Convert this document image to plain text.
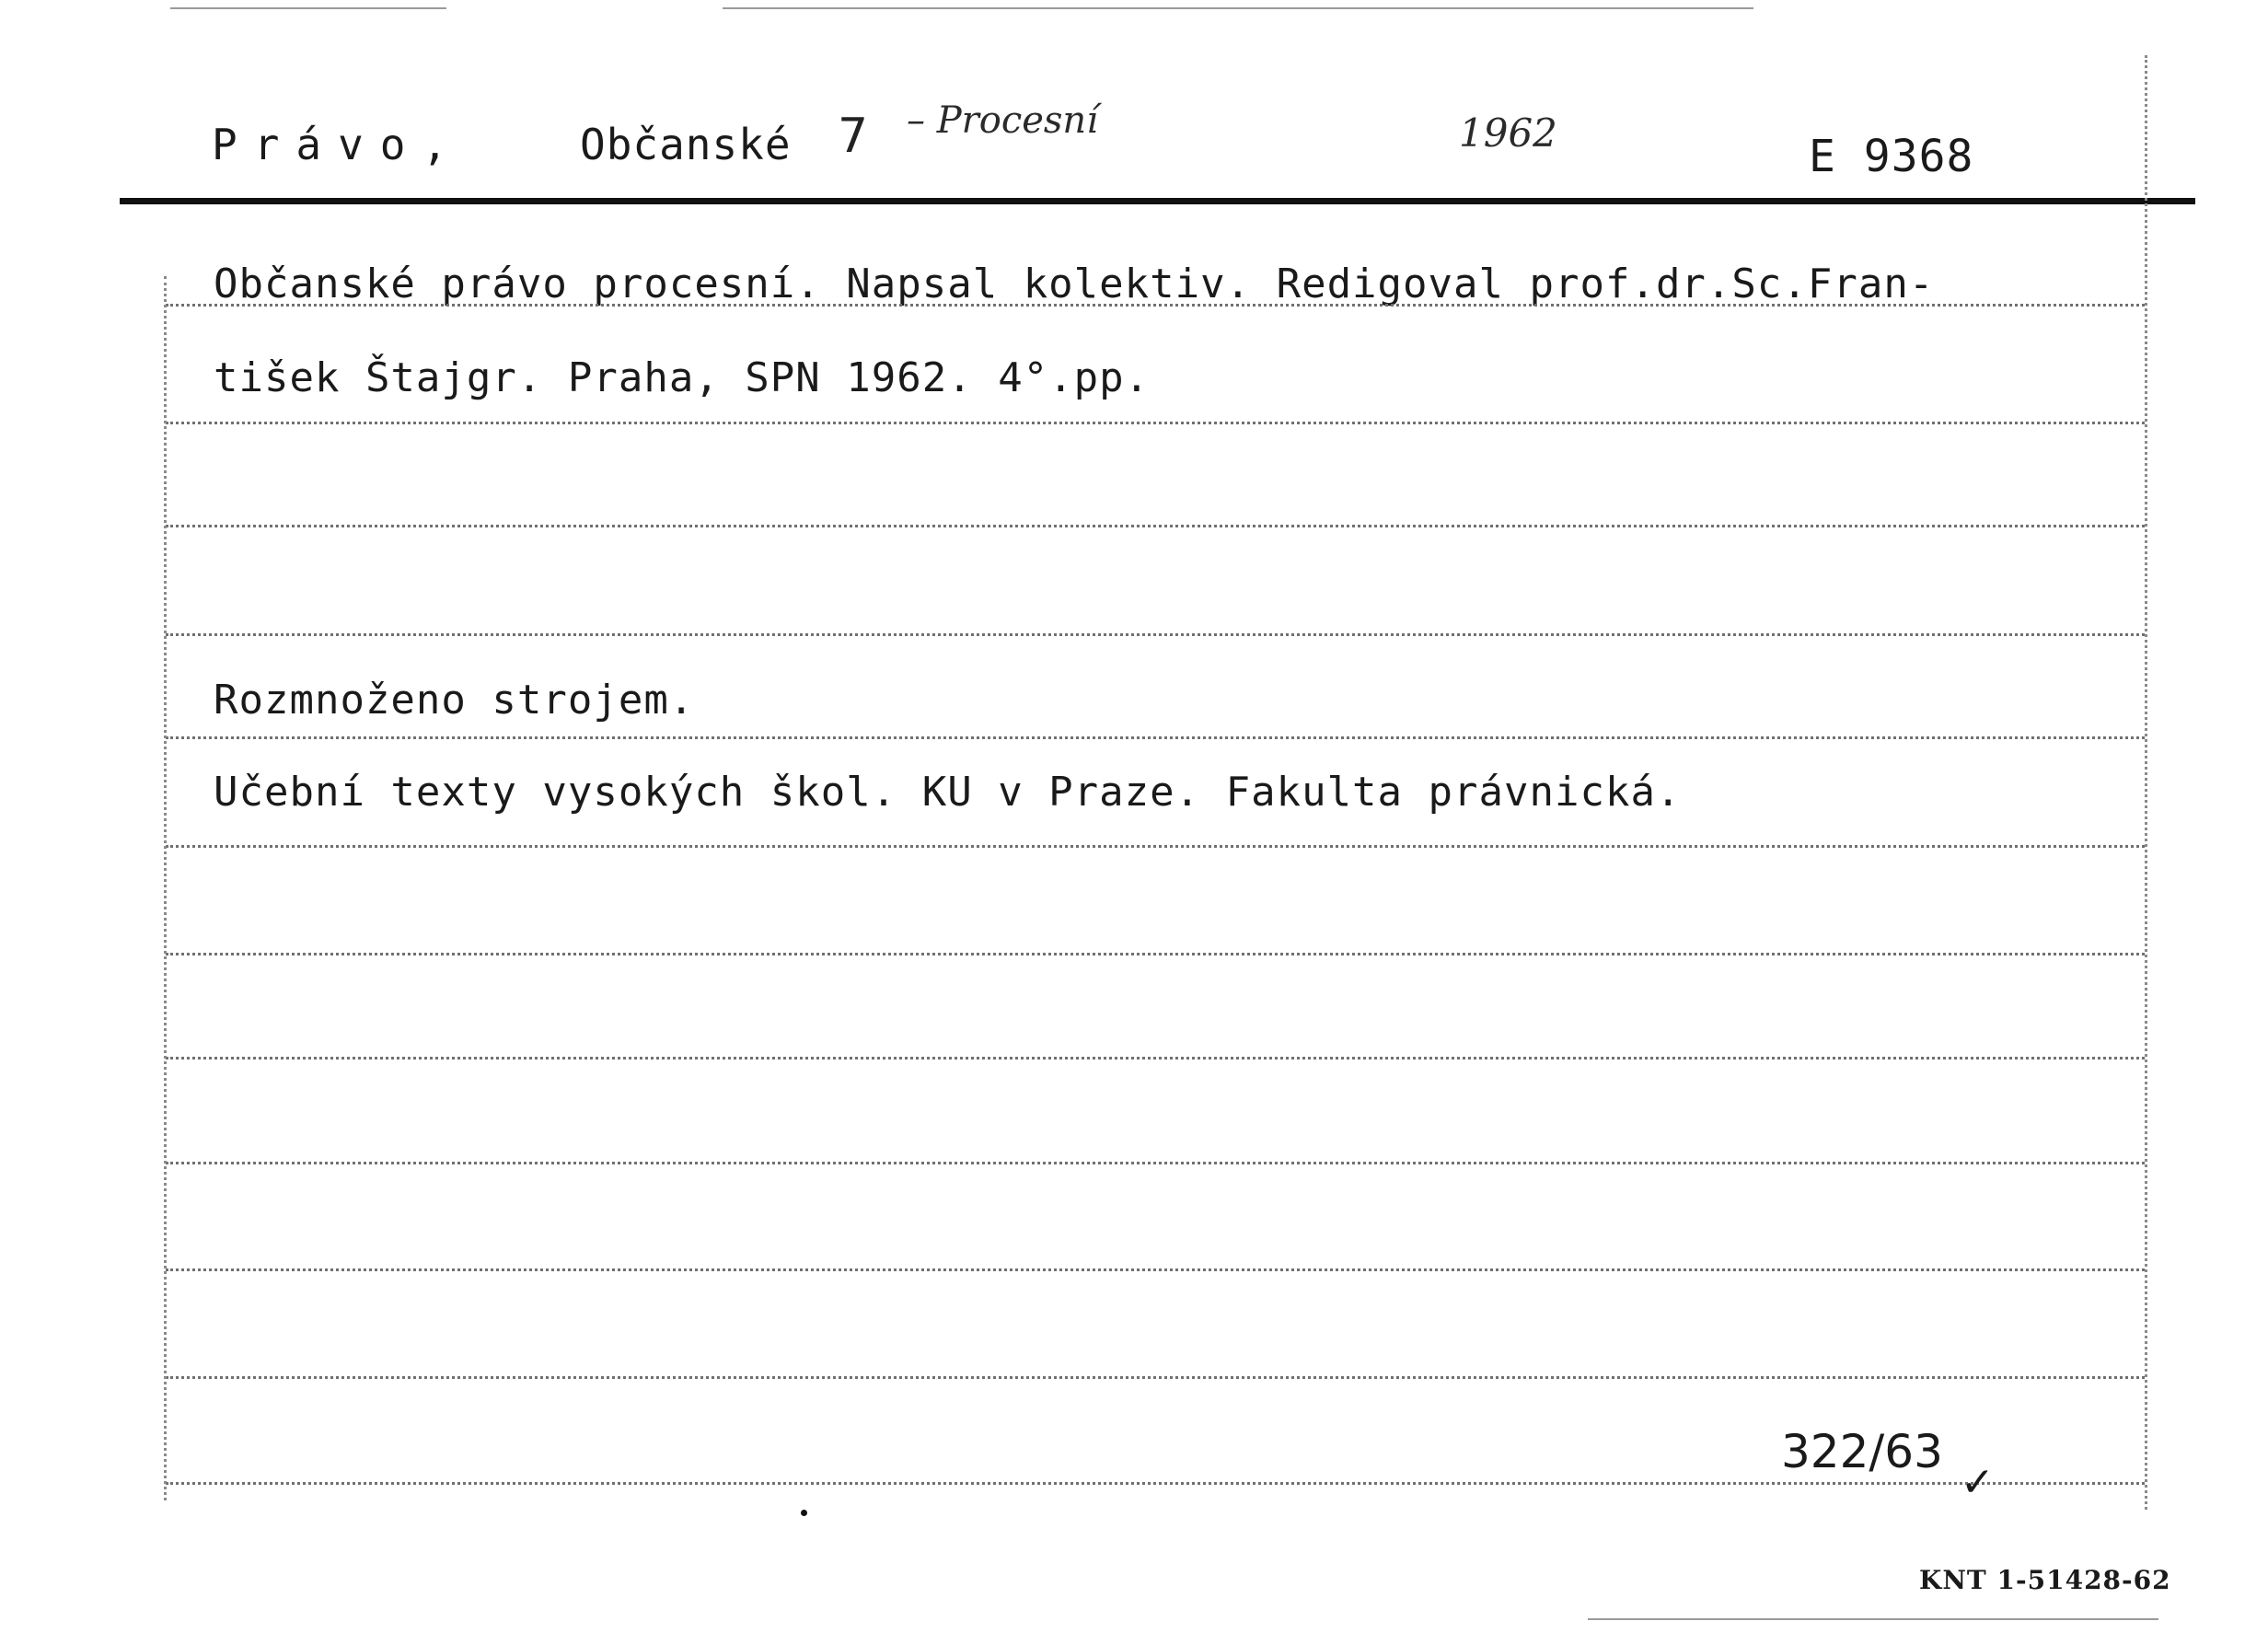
Právo,	Občanské 7 – Procesní	1962	E 9368
Občanské právo procesní. Napsal kolektiv. Redigoval prof.dr.Sc.Fran-
tišek Štajgr. Praha, SPN 1962. 4°.pp.
Rozmnoženo strojem.
Učební texty vysokých škol. KU v Praze. Fakulta právnická.
322/63
✓
KNT 1-51428-62
